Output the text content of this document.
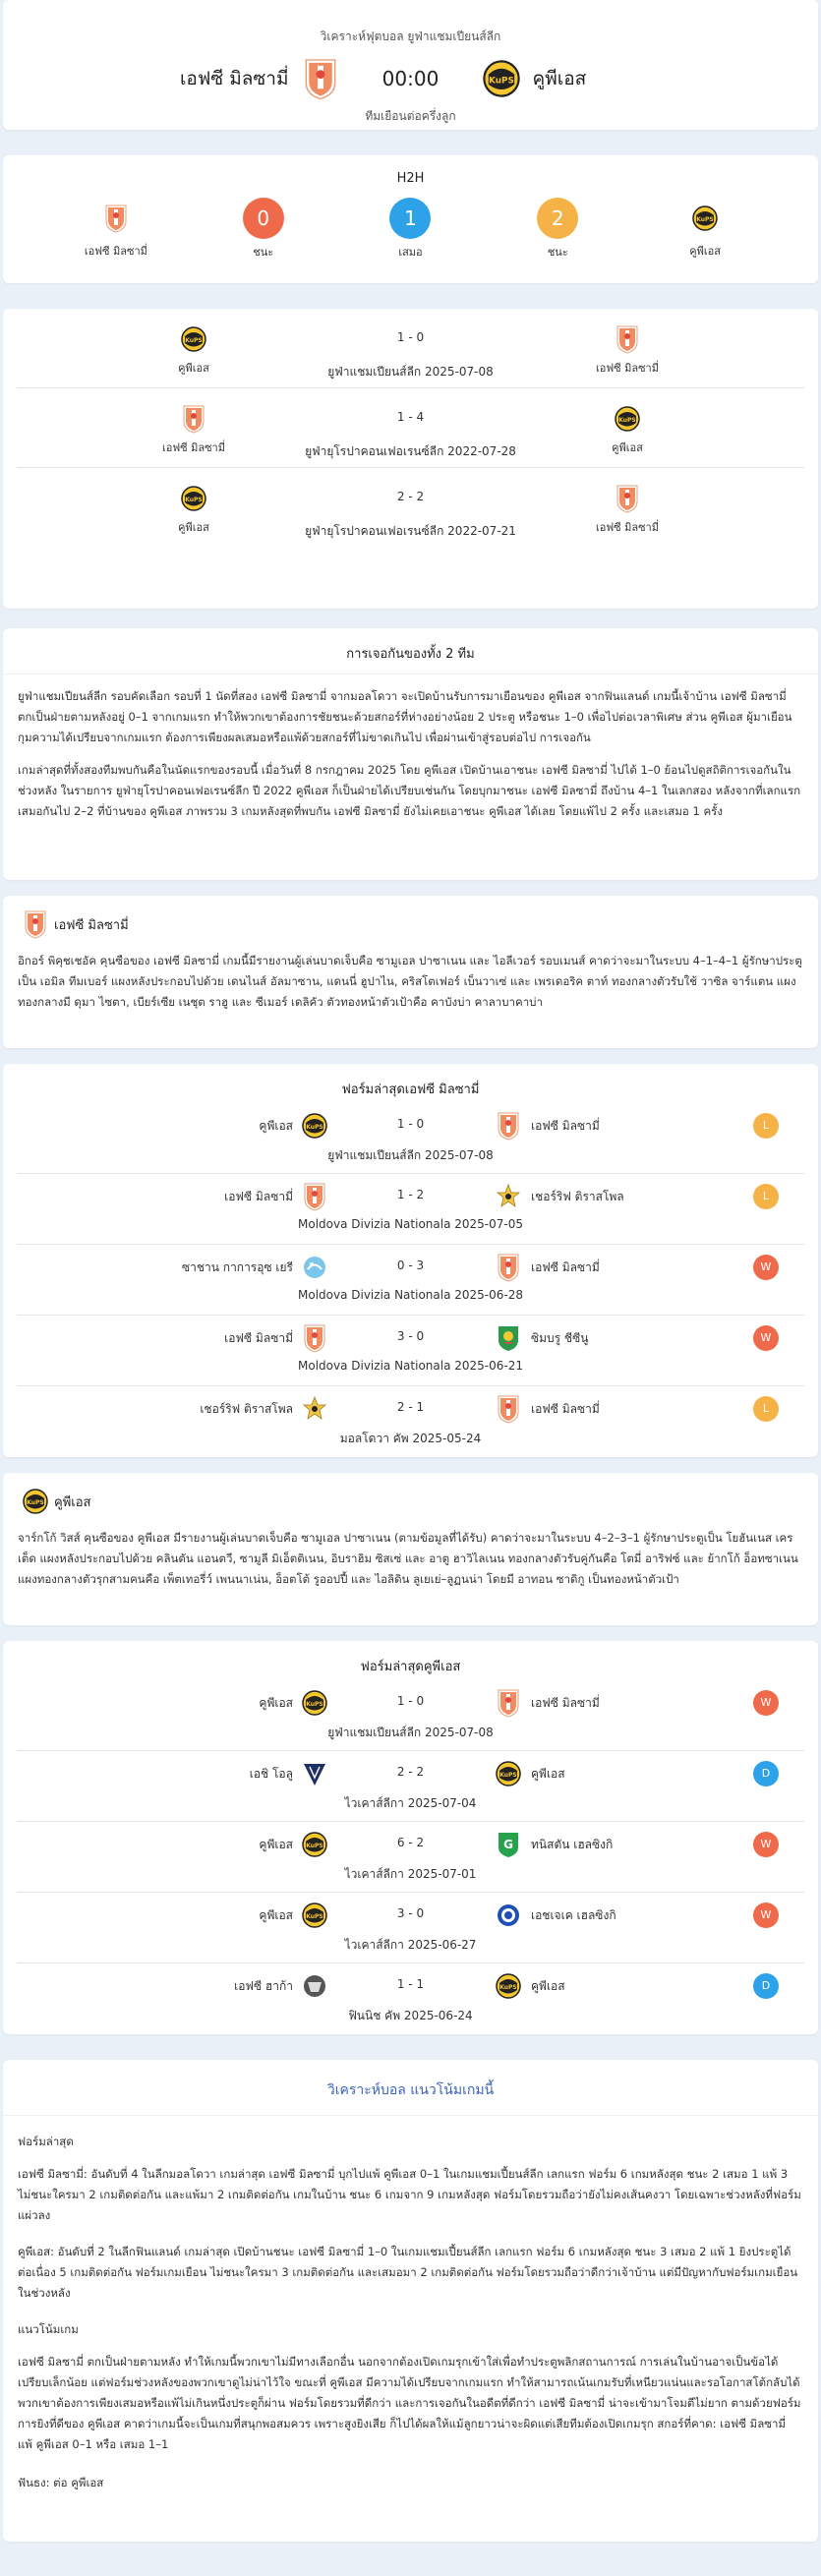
วิเคราะห์ฟุตบอล ยูฟ่าแชมเปียนส์ลีก
เอฟซี มิลซามี่	00:00	คูพีเอส
ทีมเยือนต่อครึ่งลูก
H2H
เอฟซี มิลซามี่
0
ชนะ
1
เสมอ
2
ชนะ	คูพีเอส
คูพีเอส
1 - 0
เอฟซี มิลซามี่
ยูฟ่าแชมเปียนส์ลีก 2025-07-08
เอฟซี มิลซามี่
1 - 4
คูพีเอส
ยูฟ่ายุโรปาคอนเฟอเรนซ์ลีก 2022-07-28
คูพีเอส
2 - 2
เอฟซี มิลซามี่
ยูฟ่ายุโรปาคอนเฟอเรนซ์ลีก 2022-07-21
การเจอกันของทั้ง 2 ทีม
ยูฟ่าแชมเปียนส์ลีก รอบคัดเลือก รอบที่ 1 นัดที่สอง เอฟซี มิลซามี่ จากมอลโดวา จะเปิดบ้านรับการมาเยือนของ คูพีเอส จากฟินแลนด์ เกมนี้เจ้าบ้าน เอฟซี มิลซามี่ ตกเป็นฝ่ายตามหลังอยู่ 0–1 จากเกมแรก ทำให้พวกเขาต้องการชัยชนะด้วยสกอร์ที่ห่างอย่างน้อย 2 ประตู หรือชนะ 1–0 เพื่อไปต่อเวลาพิเศษ ส่วน คูพีเอส ผู้มาเยือน กุมความได้เปรียบจากเกมแรก ต้องการเพียงผลเสมอหรือแพ้ด้วยสกอร์ที่ไม่ขาดเกินไป เพื่อผ่านเข้าสู่รอบต่อไป การเจอกัน
เกมล่าสุดที่ทั้งสองทีมพบกันคือในนัดแรกของรอบนี้ เมื่อวันที่ 8 กรกฎาคม 2025 โดย คูพีเอส เปิดบ้านเอาชนะ เอฟซี มิลซามี่ ไปได้ 1–0 ย้อนไปดูสถิติการเจอกันในช่วงหลัง ในรายการ ยูฟ่ายุโรปาคอนเฟอเรนซ์ลีก ปี 2022 คูพีเอส ก็เป็นฝ่ายได้เปรียบเช่นกัน โดยบุกมาชนะ เอฟซี มิลซามี่ ถึงบ้าน 4–1 ในเลกสอง หลังจากที่เลกแรกเสมอกันไป 2–2 ที่บ้านของ คูพีเอส ภาพรวม 3 เกมหลังสุดที่พบกัน เอฟซี มิลซามี่ ยังไม่เคยเอาชนะ คูพีเอส ได้เลย โดยแพ้ไป 2 ครั้ง และเสมอ 1 ครั้ง
เอฟซี มิลซามี่
อิกอร์ พิคุชเชอัค คุนซือของ เอฟซี มิลซามี่ เกมนี้มีรายงานผู้เล่นบาดเจ็บคือ ซามูเอล ปาซาเนน และ ไอลีเวอร์ รอบเมนส์ คาดว่าจะมาในระบบ 4–1–4–1 ผู้รักษาประตูเป็น เอมิล ทีมเบอร์ แผงหลังประกอบไปด้วย เดนไนส์ อัลมาซาน, แดนนี่ ฮูปาไน, คริสโตเฟอร์ เบ็นวาเซ่ และ เพรเดอริค ตาท์ ทองกลางตัวรับใช้ วาซิล จาร์แตน แผงทองกลางมี ดุมา ไซตา, เบียร์เซีย เนชุต ราฮู และ ซีเมอร์ เดลิคัว ตัวทองหน้าตัวเป้าคือ คาบังบ่า คาลาบาคาบ่า
ฟอร์มล่าสุดเอฟซี มิลซามี่
คูพีเอส	1 - 0	เอฟซี มิลซามี่
ยูฟ่าแชมเปียนส์ลีก 2025-07-08
L
เอฟซี มิลซามี่	1 - 2	เชอร์ริฟ ติราสโพล
Moldova Divizia Nationala 2025-07-05
L
ซาชาน กาการอุซ เยรี	0 - 3	เอฟซี มิลซามี่
Moldova Divizia Nationala 2025-06-28
W
เอฟซี มิลซามี่	3 - 0	ซิมบรู ชีซีนู
Moldova Divizia Nationala 2025-06-21
W
เชอร์ริฟ ติราสโพล	2 - 1	เอฟซี มิลซามี่
มอลโดวา คัพ 2025-05-24
L
คูพีเอส
จาร์กโก้ วิสส์ คุนซือของ คูพีเอส มีรายงานผู้เล่นบาดเจ็บคือ ซามูเอล ปาซาเนน (ตามข้อมูลที่ได้รับ) คาดว่าจะมาในระบบ 4–2–3–1 ผู้รักษาประตูเป็น โยฮันเนส เครเต็ด แผงหลังประกอบไปด้วย คลินตัน แอนตวี, ซามูลี มิเอ็ตติเนน, อิบราฮิม ซิสเซ่ และ อาตู ฮาวิไลเนน ทองกลางตัวรับคู่กันคือ โตมี่ อาริฟซ์ และ ย้ากโก้ อ็อทซาเนน แผงทองกลางตัวรุกสามคนคือ เพ็ตเทอรี่ว์ เพนนาเน่น, อ็อตโต้ รูออปปี้ และ ไอลิดิน ลูเยเย่–ลูฏนน่า โดยมี อาทอน ซาดิกู เป็นทองหน้าตัวเป้า
ฟอร์มล่าสุดคูพีเอส
คูพีเอส	1 - 0	เอฟซี มิลซามี่
ยูฟ่าแชมเปียนส์ลีก 2025-07-08
W
เอชิ โอลู	2 - 2	คูพีเอส
ไวเคาส์ลีกา 2025-07-04
D
คูพีเอส	6 - 2	ทนิสตัน เฮลซิงกิ
ไวเคาส์ลีกา 2025-07-01
W
คูพีเอส	3 - 0	เอชเจเค เฮลซิงกิ
ไวเคาส์ลีกา 2025-06-27
W
เอฟซี ฮาก้า	1 - 1	คูพีเอส
ฟินนิช คัพ 2025-06-24
D
วิเคราะห์บอล แนวโน้มเกมนี้
ฟอร์มล่าสุด
เอฟซี มิลซามี่: อันดับที่ 4 ในลีกมอลโดวา เกมล่าสุด เอฟซี มิลซามี่ บุกไปแพ้ คูพีเอส 0–1 ในเกมแชมเปี้ยนส์ลีก เลกแรก ฟอร์ม 6 เกมหลังสุด ชนะ 2 เสมอ 1 แพ้ 3 ไม่ชนะใครมา 2 เกมติดต่อกัน และแพ้มา 2 เกมติดต่อกัน เกมในบ้าน ชนะ 6 เกมจาก 9 เกมหลังสุด ฟอร์มโดยรวมถือว่ายังไม่คงเส้นคงวา โดยเฉพาะช่วงหลังที่ฟอร์มแผ่วลง
คูพีเอส: อันดับที่ 2 ในลีกฟินแลนด์ เกมล่าสุด เปิดบ้านชนะ เอฟซี มิลซามี่ 1–0 ในเกมแชมเปี้ยนส์ลีก เลกแรก ฟอร์ม 6 เกมหลังสุด ชนะ 3 เสมอ 2 แพ้ 1 ยิงประตูได้ต่อเนื่อง 5 เกมติดต่อกัน ฟอร์มเกมเยือน ไม่ชนะใครมา 3 เกมติดต่อกัน และเสมอมา 2 เกมติดต่อกัน ฟอร์มโดยรวมถือว่าดีกว่าเจ้าบ้าน แต่มีปัญหากับฟอร์มเกมเยือนในช่วงหลัง
แนวโน้มเกม
เอฟซี มิลซามี่ ตกเป็นฝ่ายตามหลัง ทำให้เกมนี้พวกเขาไม่มีทางเลือกอื่น นอกจากต้องเปิดเกมรุกเข้าใส่เพื่อทำประตูพลิกสถานการณ์ การเล่นในบ้านอาจเป็นข้อได้เปรียบเล็กน้อย แต่ฟอร์มช่วงหลังของพวกเขาดูไม่น่าไว้ใจ ขณะที่ คูพีเอส มีความได้เปรียบจากเกมแรก ทำให้สามารถเน้นเกมรับที่เหนียวแน่นและรอโอกาสโต้กลับได้ พวกเขาต้องการเพียงเสมอหรือแพ้ไม่เกินหนึ่งประตูก็ผ่าน ฟอร์มโดยรวมที่ดีกว่า และการเจอกันในอดีตที่ดีกว่า เอฟซี มิลซามี่ น่าจะเข้ามาโจมตีไม่ยาก ตามด้วยฟอร์มการยิงที่ดีของ คูพีเอส คาดว่าเกมนี้จะเป็นเกมที่สนุกพอสมควร เพราะสูงยิงเสีย ก็ไปได้ผลให้แม้ลูกยาวน่าจะผิดแต่เสียทีมต้องเปิดเกมรุก สกอร์ที่คาด: เอฟซี มิลซามี่ แพ้ คูพีเอส 0–1 หรือ เสมอ 1–1
ฟันธง: ต่อ คูพีเอส
